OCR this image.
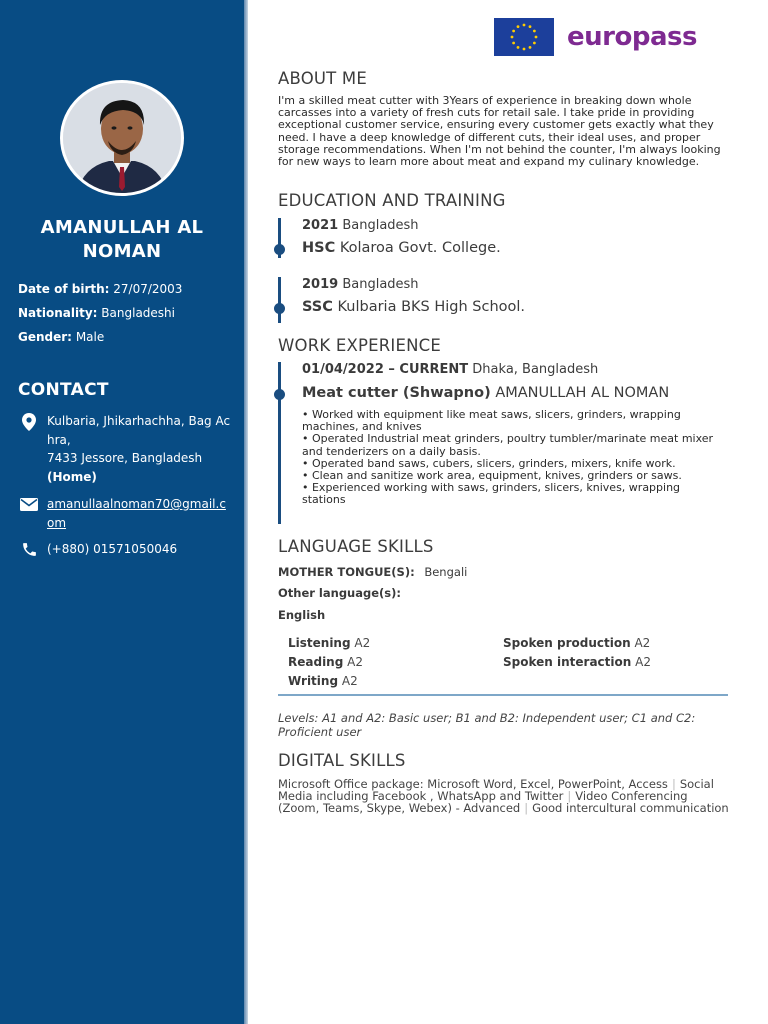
AMANULLAH AL
NOMAN
Date of birth: 27/07/2003
Nationality: Bangladeshi
Gender: Male
CONTACT
Kulbaria, Jhikarhachha, Bag Achra,
7433 Jessore, Bangladesh
(Home)
amanullaalnoman70@gmail.com
(+880) 01571050046
europass
ABOUT ME
I'm a skilled meat cutter with 3Years of experience in breaking down whole carcasses into a variety of fresh cuts for retail sale. I take pride in providing exceptional customer service, ensuring every customer gets exactly what they need. I have a deep knowledge of different cuts, their ideal uses, and proper storage recommendations. When I'm not behind the counter, I'm always looking for new ways to learn more about meat and expand my culinary knowledge.
EDUCATION AND TRAINING
2021 Bangladesh
HSC Kolaroa Govt. College.
2019 Bangladesh
SSC Kulbaria BKS High School.
WORK EXPERIENCE
01/04/2022 – CURRENT Dhaka, Bangladesh
Meat cutter (Shwapno) AMANULLAH AL NOMAN
• Worked with equipment like meat saws, slicers, grinders, wrapping machines, and knives
• Operated Industrial meat grinders, poultry tumbler/marinate meat mixer and tenderizers on a daily basis.
• Operated band saws, cubers, slicers, grinders, mixers, knife work.
• Clean and sanitize work area, equipment, knives, grinders or saws.
• Experienced working with saws, grinders, slicers, knives, wrapping stations
LANGUAGE SKILLS
MOTHER TONGUE(S): Bengali
Other language(s):
English
Listening A2	Spoken production A2
Reading A2	Spoken interaction A2
Writing A2
Levels: A1 and A2: Basic user; B1 and B2: Independent user; C1 and C2: Proficient user
DIGITAL SKILLS
Microsoft Office package: Microsoft Word, Excel, PowerPoint, Access | Social Media including Facebook , WhatsApp and Twitter | Video Conferencing (Zoom, Teams, Skype, Webex) - Advanced | Good intercultural communication
